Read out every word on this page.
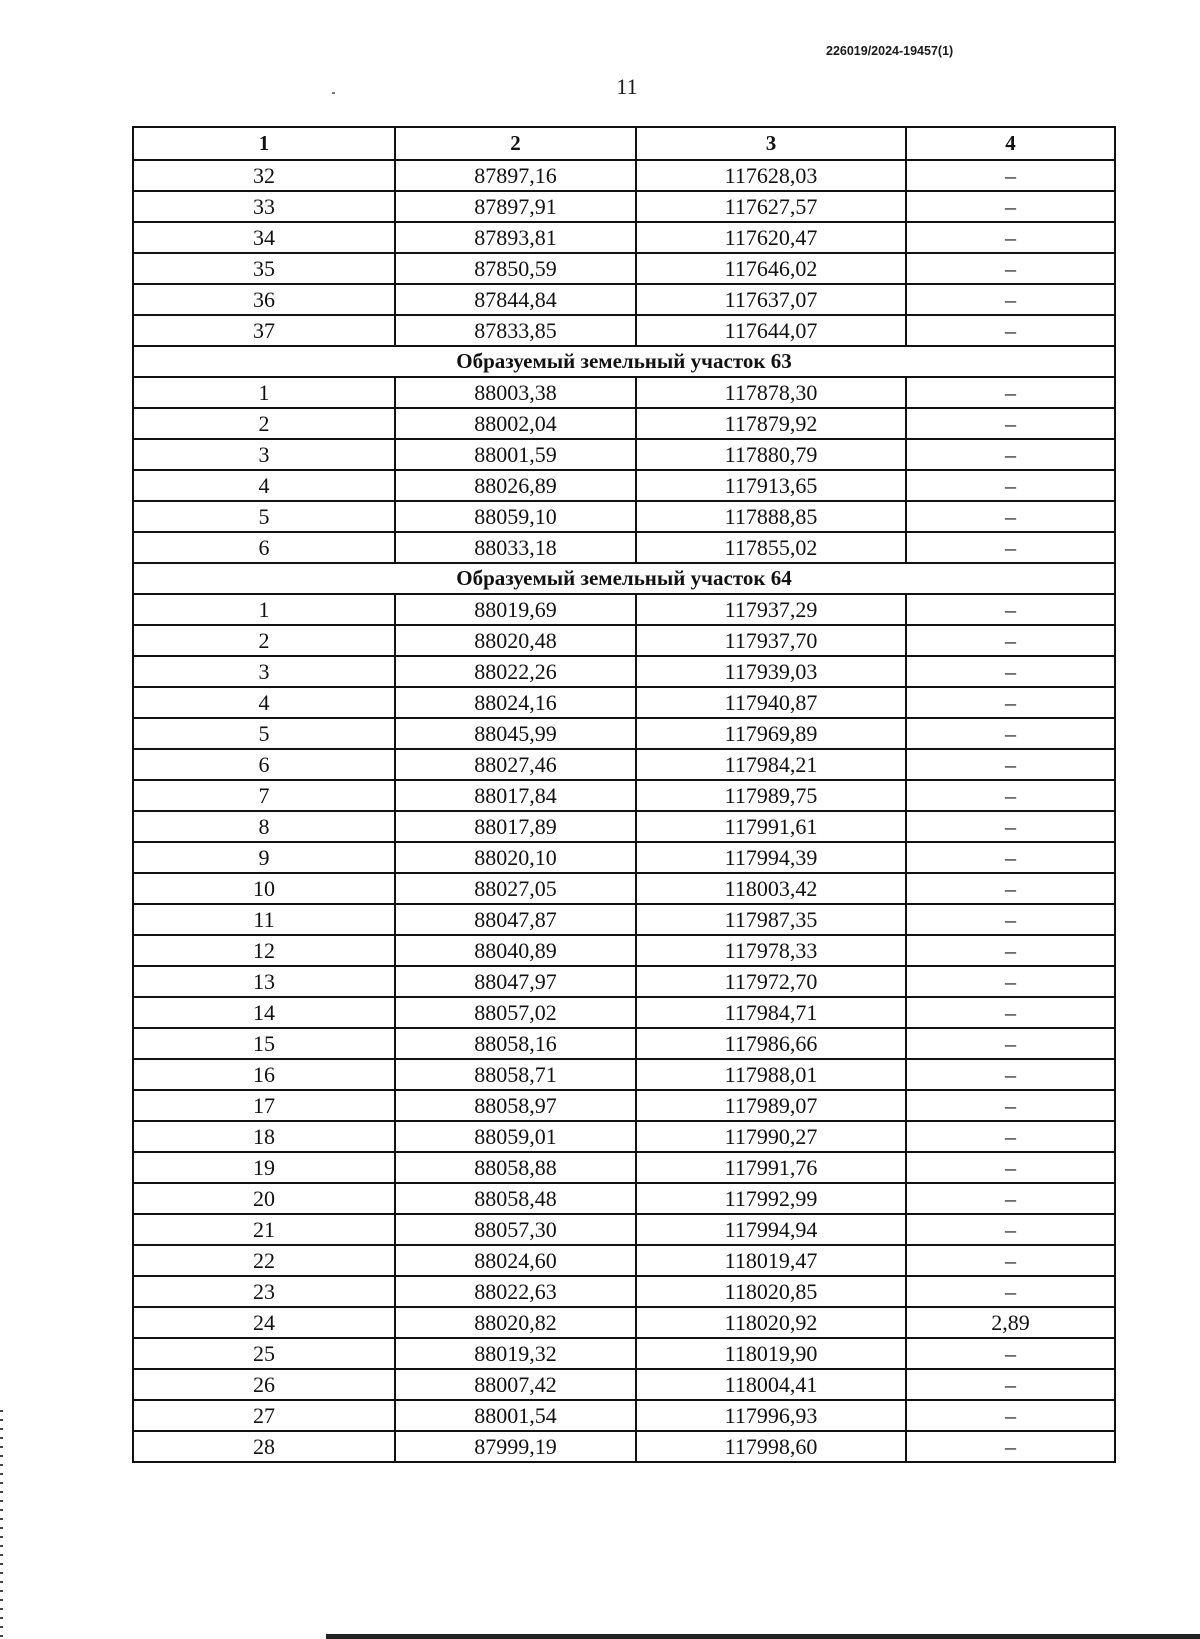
226019/2024-19457(1)
11
1	2	3	4
32	87897,16	117628,03	–
33	87897,91	117627,57	–
34	87893,81	117620,47	–
35	87850,59	117646,02	–
36	87844,84	117637,07	–
37	87833,85	117644,07	–
Образуемый земельный участок 63			
1	88003,38	117878,30	–
2	88002,04	117879,92	–
3	88001,59	117880,79	–
4	88026,89	117913,65	–
5	88059,10	117888,85	–
6	88033,18	117855,02	–
Образуемый земельный участок 64			
1	88019,69	117937,29	–
2	88020,48	117937,70	–
3	88022,26	117939,03	–
4	88024,16	117940,87	–
5	88045,99	117969,89	–
6	88027,46	117984,21	–
7	88017,84	117989,75	–
8	88017,89	117991,61	–
9	88020,10	117994,39	–
10	88027,05	118003,42	–
11	88047,87	117987,35	–
12	88040,89	117978,33	–
13	88047,97	117972,70	–
14	88057,02	117984,71	–
15	88058,16	117986,66	–
16	88058,71	117988,01	–
17	88058,97	117989,07	–
18	88059,01	117990,27	–
19	88058,88	117991,76	–
20	88058,48	117992,99	–
21	88057,30	117994,94	–
22	88024,60	118019,47	–
23	88022,63	118020,85	–
24	88020,82	118020,92	2,89
25	88019,32	118019,90	–
26	88007,42	118004,41	–
27	88001,54	117996,93	–
28	87999,19	117998,60	–
